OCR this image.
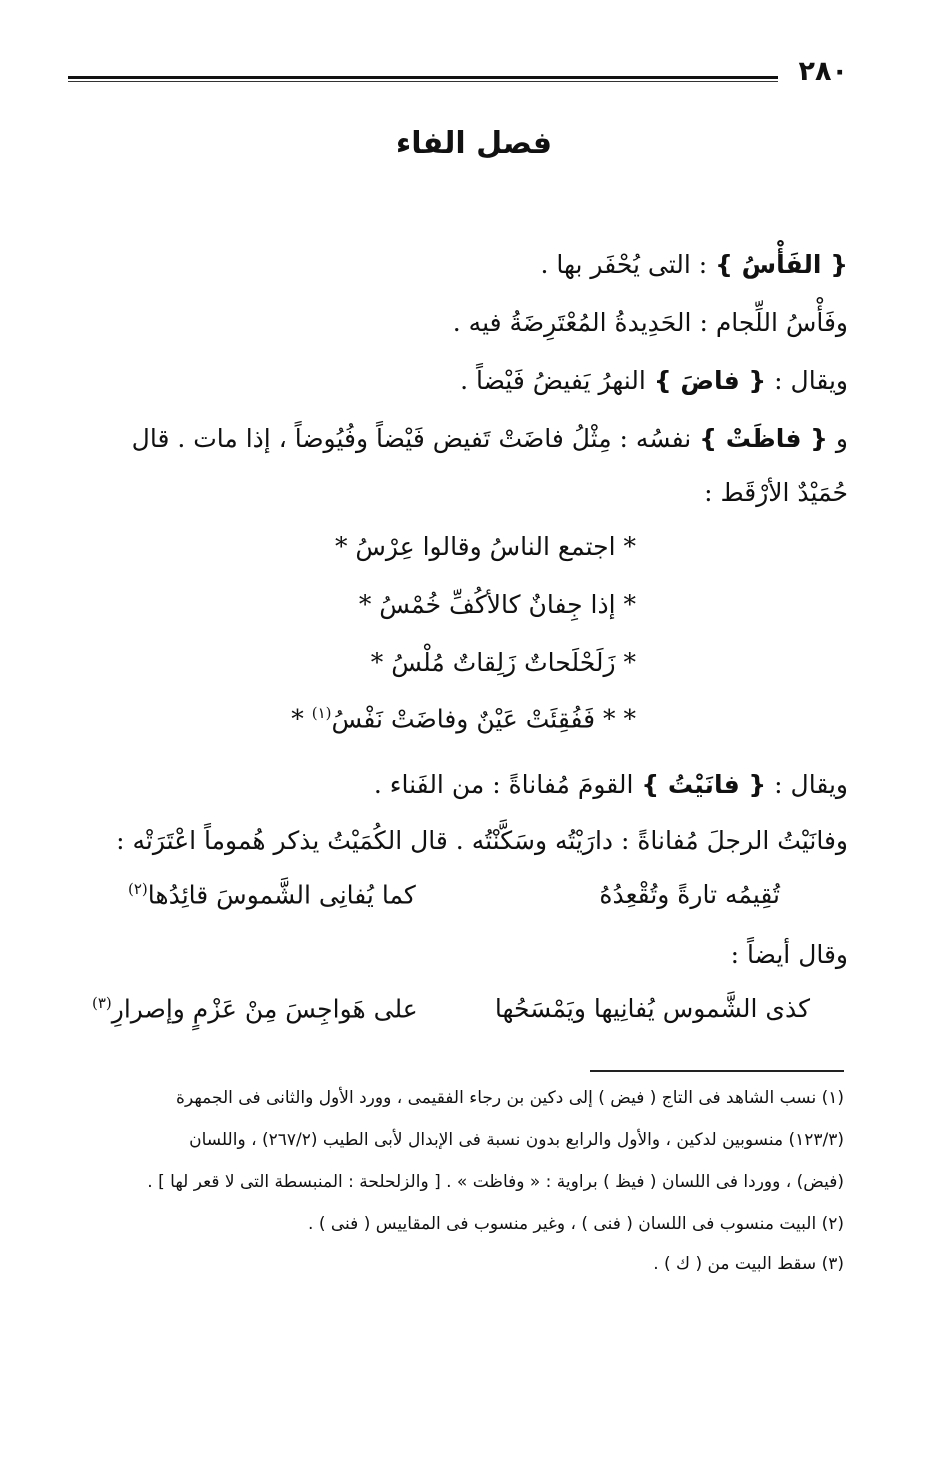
٢٨٠
فصل الفاء
{ الفَأْسُ } : التى يُحْفَر بها .
وفَأْسُ اللِّجام : الحَدِيدةُ المُعْتَرِضَةُ فيه .
ويقال : { فاضَ } النهرُ يَفيضُ فَيْضاً .
و { فاظَتْ } نفسُه : مِثْلُ فاضَتْ تَفيض فَيْضاً وفُيُوضاً ، إذا مات . قال
حُمَيْدٌ الأرْقَط :
* اجتمع الناسُ وقالوا عِرْسُ *
* إذا جِفانٌ كالأكُفِّ خُمْسُ *
* زَلَحْلَحاتٌ زَلِقاتٌ مُلْسُ *
* * فَفُقِئَتْ عَيْنٌ وفاضَتْ نَفْسُ$^{(١)}$ *
ويقال : { فانَيْتُ } القومَ مُفاناةً : من الفَناء .
وفانَيْتُ الرجلَ مُفاناةً : دارَيْتُه وسَكَّنْتُه . قال الكُمَيْتُ يذكر هُموماً اعْتَرَتْه :
تُقِيمُه تارةً وتُقْعِدُهُ
كما يُفانِى الشَّموسَ قائِدُها$^{(٢)}$
وقال أيضاً :
كذى الشَّموس يُفانِيها ويَمْسَحُها
على هَواجِسَ مِنْ عَزْمٍ وإصرارِ$^{(٣)}$
(١) نسب الشاهد فى التاج ( فيض ) إلى دكين بن رجاء الفقيمى ، وورد الأول والثانى فى الجمهرة
(١٢٣/٣) منسوبين لدكين ، والأول والرابع بدون نسبة فى الإبدال لأبى الطيب (٢٦٧/٢) ، واللسان
(فيض) ، ووردا فى اللسان ( فيظ ) براوية : « وفاظت » . [ والزلحلحة : المنبسطة التى لا قعر لها ] .
(٢) البيت منسوب فى اللسان ( فنى ) ، وغير منسوب فى المقاييس ( فنى ) .
(٣) سقط البيت من ( ك ) .
